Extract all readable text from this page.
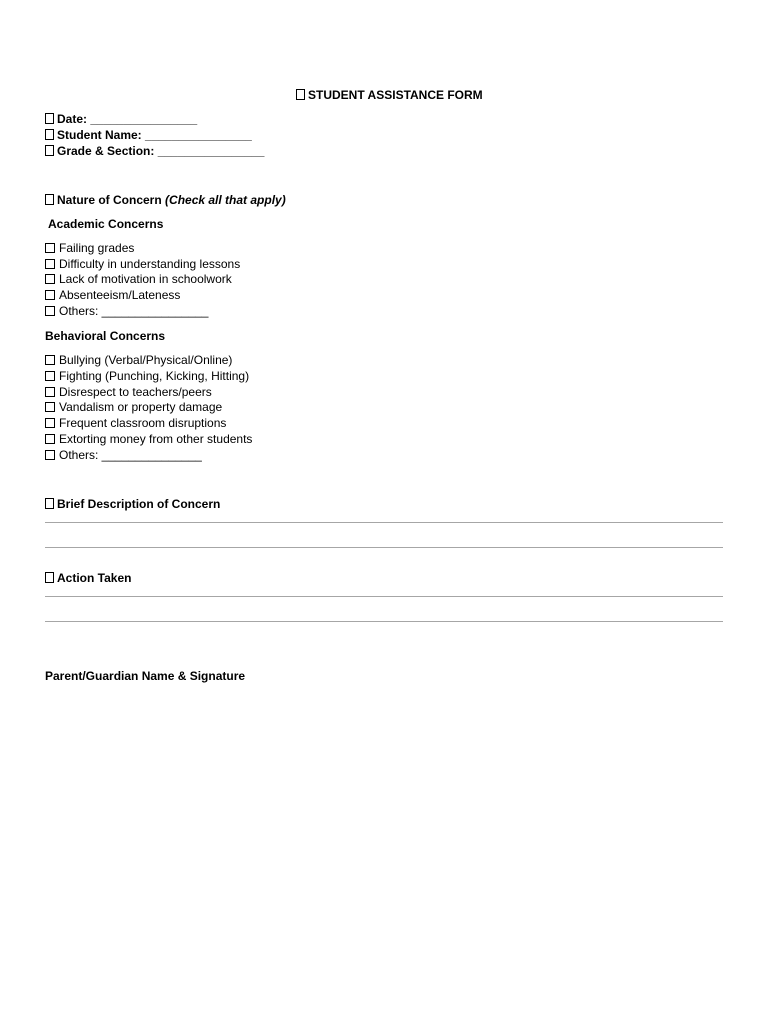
STUDENT ASSISTANCE FORM
Date: ________________
Student Name: ________________
Grade & Section: ________________
Nature of Concern (Check all that apply)
Academic Concerns
Failing grades
Difficulty in understanding lessons
Lack of motivation in schoolwork
Absenteeism/Lateness
Others: ________________
Behavioral Concerns
Bullying (Verbal/Physical/Online)
Fighting (Punching, Kicking, Hitting)
Disrespect to teachers/peers
Vandalism or property damage
Frequent classroom disruptions
Extorting money from other students
Others: _______________
Brief Description of Concern
Action Taken
Parent/Guardian Name & Signature
